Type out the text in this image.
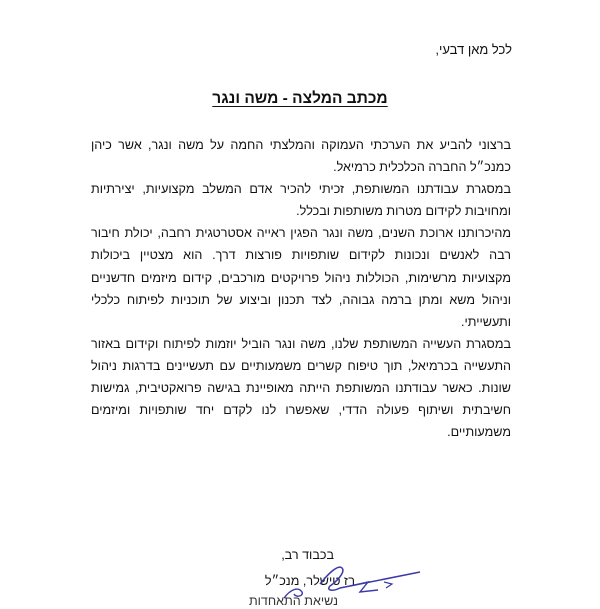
לכל מאן דבעי,
מכתב המלצה - משה ונגר
ברצוני להביע את הערכתי העמוקה והמלצתי החמה על משה ונגר, אשר כיהן
כמנכ״ל החברה הכלכלית כרמיאל.
במסגרת עבודתנו המשותפת, זכיתי להכיר אדם המשלב מקצועיות, יצירתיות
ומחויבות לקידום מטרות משותפות ובכלל.
מהיכרותנו ארוכת השנים, משה ונגר הפגין ראייה אסטרטגית רחבה, יכולת חיבור
רבה לאנשים ונכונות לקידום שותפויות פורצות דרך. הוא מצטיין ביכולות
מקצועיות מרשימות, הכוללות ניהול פרויקטים מורכבים, קידום מיזמים חדשניים
וניהול משא ומתן ברמה גבוהה, לצד תכנון וביצוע של תוכניות לפיתוח כלכלי
ותעשייתי.
במסגרת העשייה המשותפת שלנו, משה ונגר הוביל יוזמות לפיתוח וקידום באזור
התעשייה בכרמיאל, תוך טיפוח קשרים משמעותיים עם תעשיינים בדרגות ניהול
שונות. כאשר עבודתנו המשותפת הייתה מאופיינת בגישה פרואקטיבית, גמישות
חשיבתית ושיתוף פעולה הדדי, שאפשרו לנו לקדם יחד שותפויות ומיזמים
משמעותיים.
בכבוד רב,
רז טישלר, מנכ״ל
נשיאת התאחדות
